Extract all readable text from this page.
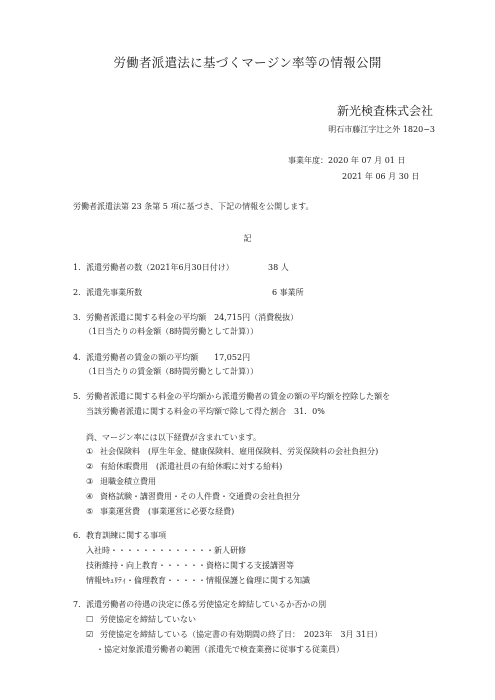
労働者派遣法に基づくマージン率等の情報公開
新光検査株式会社
明石市藤江字辻之外 1820−3
事業年度：2020 年 07 月 01 日
2021 年 06 月 30 日
労働者派遣法第 23 条第 5 項に基づき、下記の情報を公開します。
記
1．派遣労働者の数（2021年6月30日付け）	38 人
2．派遣先事業所数	6 事業所
3．労働者派遣に関する料金の平均額　24,715円（消費税抜）
（1日当たりの料金額（8時間労働として計算））
4．派遣労働者の賃金の額の平均額　　17,052円
（1日当たりの賃金額（8時間労働として計算））
5．労働者派遣に関する料金の平均額から派遣労働者の賃金の額の平均額を控除した額を
当該労働者派遣に関する料金の平均額で除して得た割合　31．0%
尚、マージン率には以下経費が含まれています。
① 社会保険料　(厚生年金、健康保険料、雇用保険料、労災保険料の会社負担分)
② 有給休暇費用　(派遣社員の有給休暇に対する給料)
③ 退職金積立費用
④ 資格試験・講習費用・その人件費・交通費の会社負担分
⑤ 事業運営費　(事業運営に必要な経費)
6．教育訓練に関する事項
入社時・・・・・・・・・・・・・新人研修
技術維持・向上教育・・・・・・資格に関する支援講習等
情報ｾｷｭﾘﾃｨ・倫理教育・・・・・情報保護と倫理に関する知識
7．派遣労働者の待遇の決定に係る労使協定を締結しているか否かの別
☐ 労使協定を締結していない
☑ 労使協定を締結している（協定書の有効期間の終了日：　2023年　3月 31日）
・協定対象派遣労働者の範囲（派遣先で検査業務に従事する従業員）
